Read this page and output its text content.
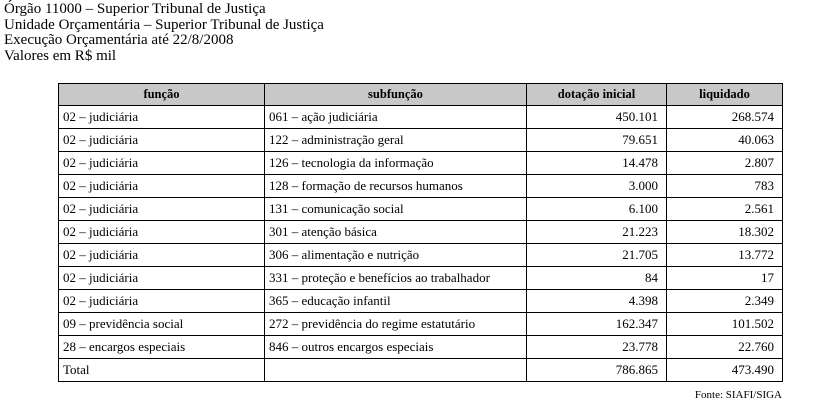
Órgão 11000 – Superior Tribunal de Justiça
Unidade Orçamentária – Superior Tribunal de Justiça
Execução Orçamentária até 22/8/2008
Valores em R$ mil
função	subfunção	dotação inicial	liquidado
02 – judiciária	061 – ação judiciária	450.101	268.574
02 – judiciária	122 – administração geral	79.651	40.063
02 – judiciária	126 – tecnologia da informação	14.478	2.807
02 – judiciária	128 – formação de recursos humanos	3.000	783
02 – judiciária	131 – comunicação social	6.100	2.561
02 – judiciária	301 – atenção básica	21.223	18.302
02 – judiciária	306 – alimentação e nutrição	21.705	13.772
02 – judiciária	331 – proteção e benefícios ao trabalhador	84	17
02 – judiciária	365 – educação infantil	4.398	2.349
09 – previdência social	272 – previdência do regime estatutário	162.347	101.502
28 – encargos especiais	846 – outros encargos especiais	23.778	22.760
Total		786.865	473.490
Fonte: SIAFI/SIGA
